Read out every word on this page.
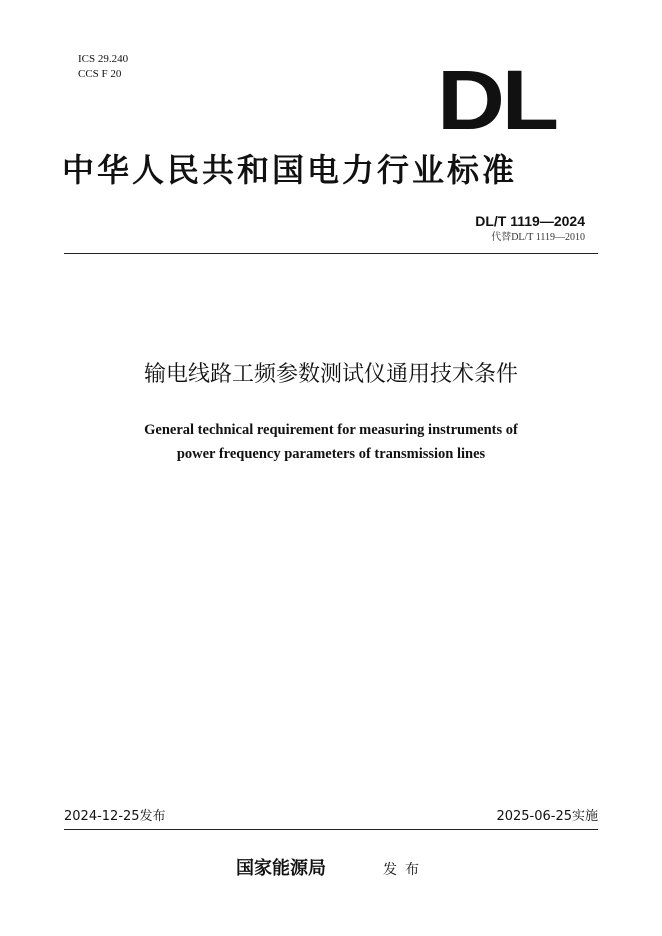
ICS 29.240
CCS F 20	DL
中华人民共和国电力行业标准
DL/T 1119—2024
代替DL/T 1119—2010
输电线路工频参数测试仪通用技术条件
General technical requirement for measuring instruments of
power frequency parameters of transmission lines
2024-12-25发布	2025-06-25实施
国家能源局	发布
